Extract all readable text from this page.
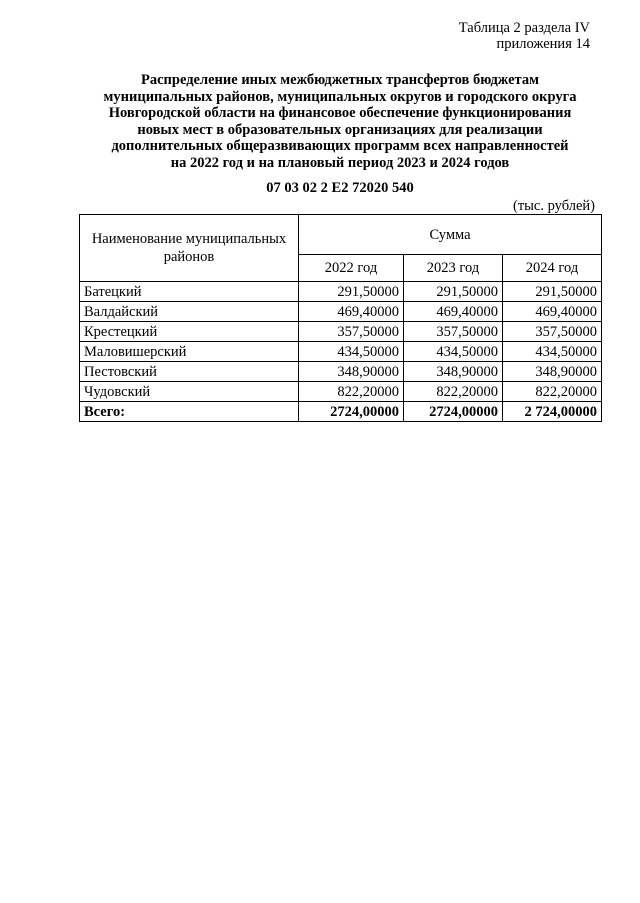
Таблица 2 раздела IV
приложения 14
Распределение иных межбюджетных трансфертов бюджетам
муниципальных районов, муниципальных округов и городского округа
Новгородской области на финансовое обеспечение функционирования
новых мест в образовательных организациях для реализации
дополнительных общеразвивающих программ всех направленностей
на 2022 год и на плановый период 2023 и 2024 годов
07 03 02 2 Е2 72020 540
(тыс. рублей)
Наименование муниципальных районов	Сумма		
	2022 год	2023 год	2024 год
Батецкий	291,50000	291,50000	291,50000
Валдайский	469,40000	469,40000	469,40000
Крестецкий	357,50000	357,50000	357,50000
Маловишерский	434,50000	434,50000	434,50000
Пестовский	348,90000	348,90000	348,90000
Чудовский	822,20000	822,20000	822,20000
Всего:	2724,00000	2724,00000	2 724,00000
